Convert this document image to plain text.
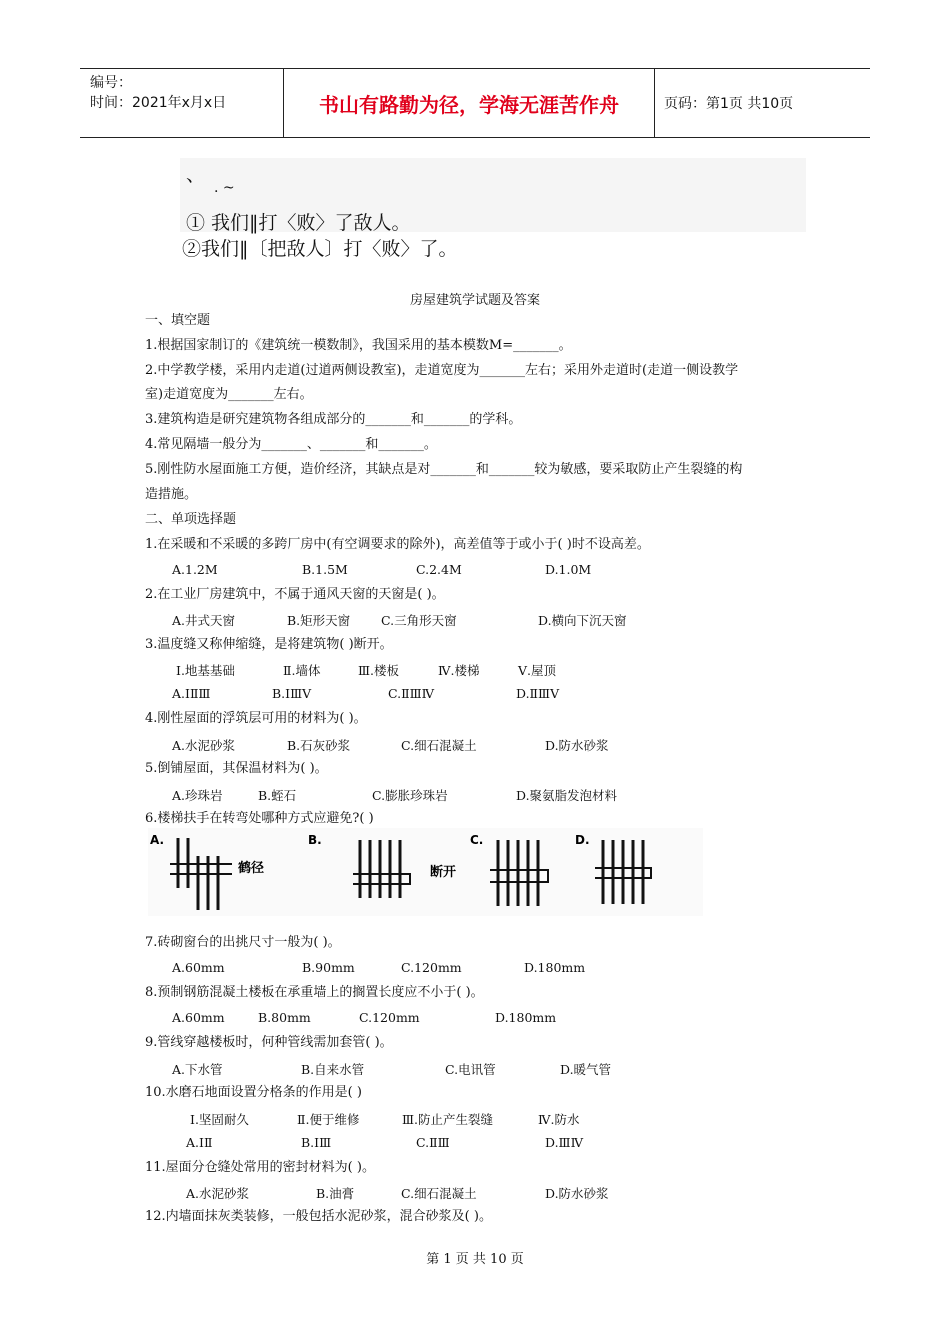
编号：
时间：2021年x月x日	书山有路勤为径，学海无涯苦作舟	页码：第1页 共10页
、
. ~
① 我们‖打〈败〉了敌人。
②我们‖〔把敌人〕打〈败〉了。
房屋建筑学试题及答案
一、填空题
1.根据国家制订的《建筑统一模数制》，我国采用的基本模数M=_______。
2.中学教学楼，采用内走道(过道两侧设教室)，走道宽度为_______左右；采用外走道时(走道一侧设教学
室)走道宽度为_______左右。
3.建筑构造是研究建筑物各组成部分的_______和_______的学科。
4.常见隔墙一般分为_______、_______和_______。
5.刚性防水屋面施工方便，造价经济，其缺点是对_______和_______较为敏感，要采取防止产生裂缝的构
造措施。
二、单项选择题
1.在采暖和不采暖的多跨厂房中(有空调要求的除外)，高差值等于或小于( )时不设高差。
A.1.2M	B.1.5M	C.2.4M	D.1.0M
2.在工业厂房建筑中，不属于通风天窗的天窗是( )。
A.井式天窗	B.矩形天窗 C.三角形天窗	D.横向下沉天窗
3.温度缝又称伸缩缝，是将建筑物( )断开。
Ⅰ.地基基础	Ⅱ.墙体	Ⅲ.楼板	Ⅳ.楼梯	Ⅴ.屋顶
A.ⅠⅡⅢ	B.ⅠⅢⅤ	C.ⅡⅢⅣ	D.ⅡⅢⅤ
4.刚性屋面的浮筑层可用的材料为( )。
A.水泥砂浆	B.石灰砂浆	C.细石混凝土	D.防水砂浆
5.倒铺屋面，其保温材料为( )。
A.珍珠岩	B.蛭石	C.膨胀珍珠岩	D.聚氨脂发泡材料
6.楼梯扶手在转弯处哪种方式应避免?( )
A.	B.	C.	D.
鹤径	断开
7.砖砌窗台的出挑尺寸一般为( )。
A.60mm	B.90mm	C.120mm	D.180mm
8.预制钢筋混凝土楼板在承重墙上的搁置长度应不小于( )。
A.60mm	B.80mm	C.120mm	D.180mm
9.管线穿越楼板时，何种管线需加套管( )。
A.下水管	B.自来水管	C.电讯管	D.暖气管
10.水磨石地面设置分格条的作用是( )
Ⅰ.坚固耐久	Ⅱ.便于维修	Ⅲ.防止产生裂缝	Ⅳ.防水
A.ⅠⅡ	B.ⅠⅢ	C.ⅡⅢ	D.ⅢⅣ
11.屋面分仓缝处常用的密封材料为( )。
A.水泥砂浆	B.油膏	C.细石混凝土	D.防水砂浆
12.内墙面抹灰类装修，一般包括水泥砂浆，混合砂浆及( )。
第 1 页 共 10 页
